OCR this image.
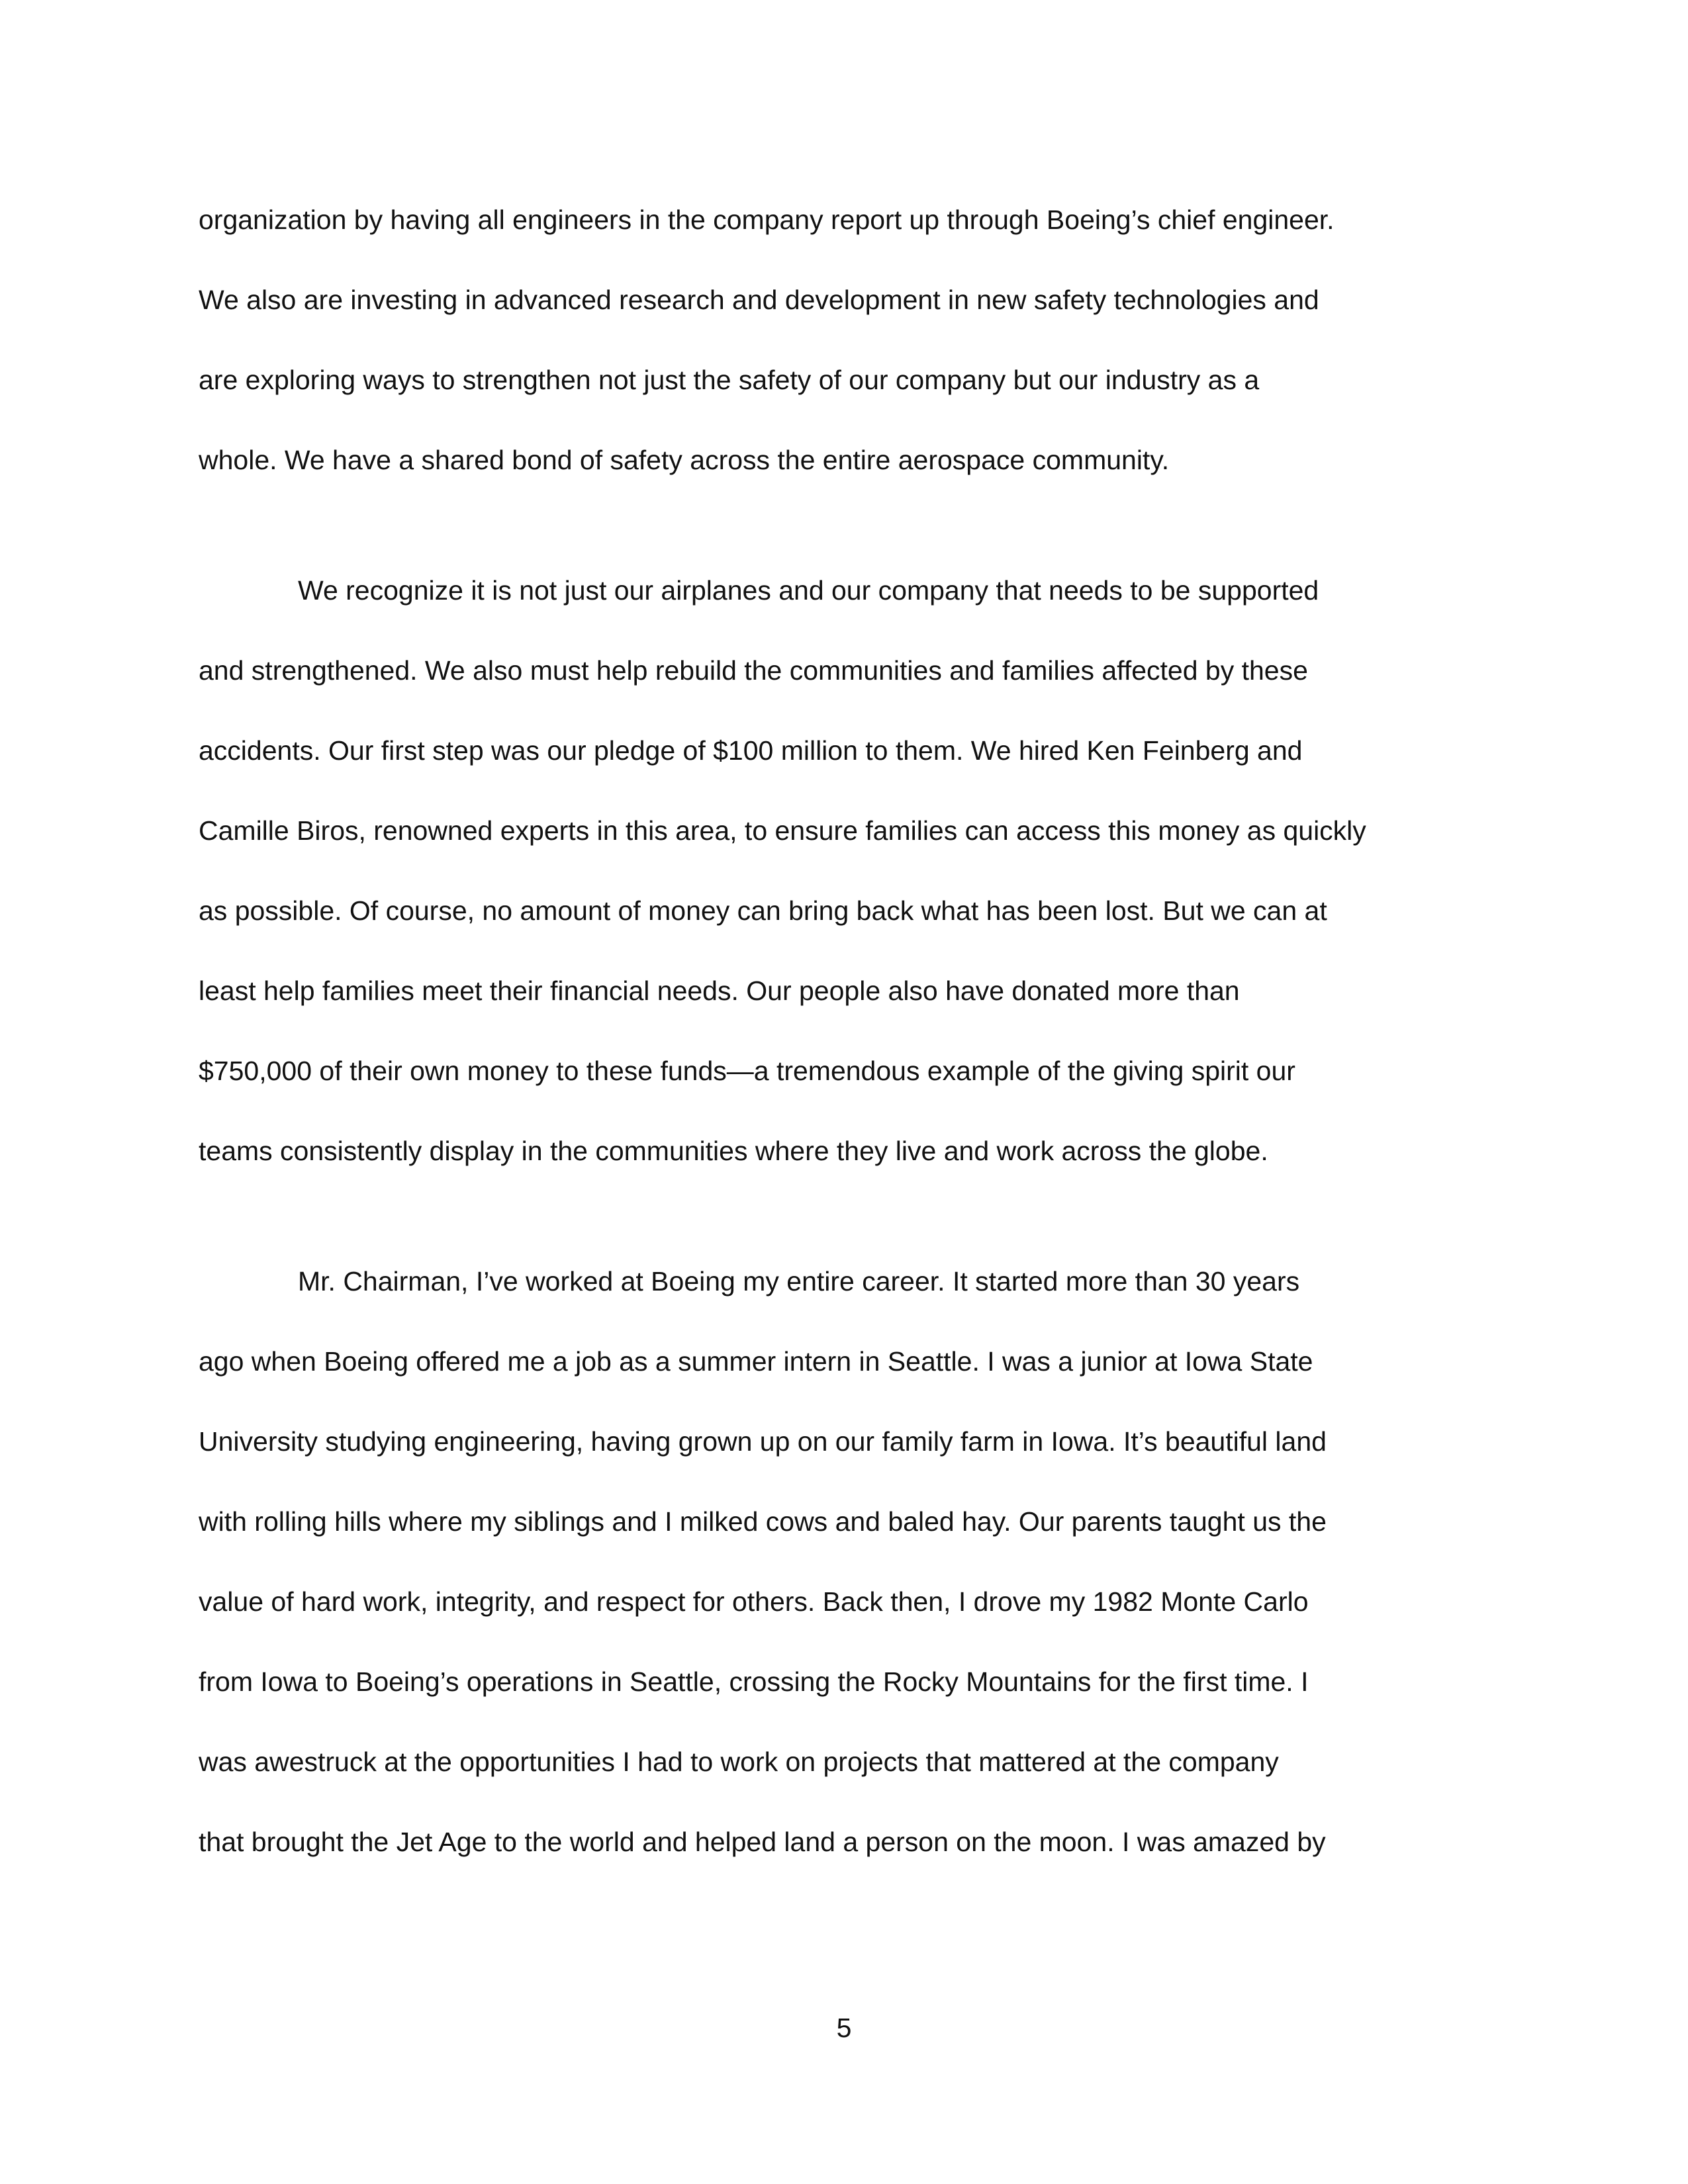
organization by having all engineers in the company report up through Boeing’s chief engineer.

We also are investing in advanced research and development in new safety technologies and

are exploring ways to strengthen not just the safety of our company but our industry as a

whole. We have a shared bond of safety across the entire aerospace community.

We recognize it is not just our airplanes and our company that needs to be supported

and strengthened. We also must help rebuild the communities and families affected by these

accidents. Our first step was our pledge of $100 million to them. We hired Ken Feinberg and

Camille Biros, renowned experts in this area, to ensure families can access this money as quickly

as possible. Of course, no amount of money can bring back what has been lost. But we can at

least help families meet their financial needs. Our people also have donated more than

$750,000 of their own money to these funds—a tremendous example of the giving spirit our

teams consistently display in the communities where they live and work across the globe.

Mr. Chairman, I’ve worked at Boeing my entire career. It started more than 30 years

ago when Boeing offered me a job as a summer intern in Seattle. I was a junior at Iowa State

University studying engineering, having grown up on our family farm in Iowa. It’s beautiful land

with rolling hills where my siblings and I milked cows and baled hay. Our parents taught us the

value of hard work, integrity, and respect for others. Back then, I drove my 1982 Monte Carlo

from Iowa to Boeing’s operations in Seattle, crossing the Rocky Mountains for the first time. I

was awestruck at the opportunities I had to work on projects that mattered at the company

that brought the Jet Age to the world and helped land a person on the moon. I was amazed by

5
